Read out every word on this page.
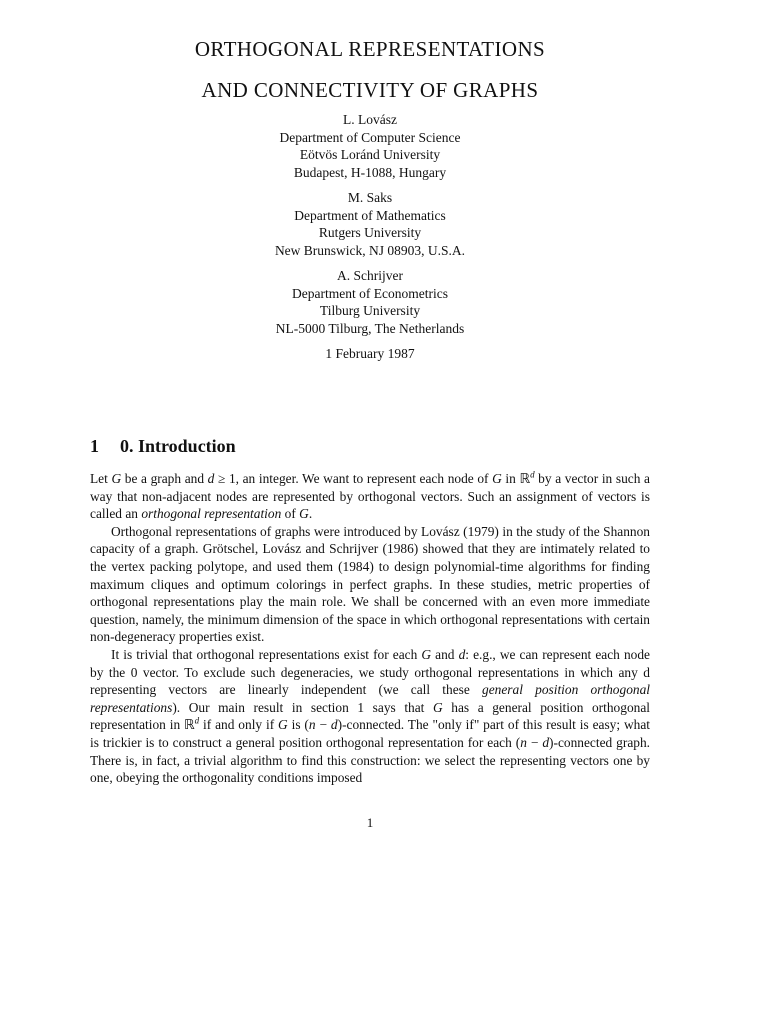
ORTHOGONAL REPRESENTATIONS
AND CONNECTIVITY OF GRAPHS
L. Lovász
Department of Computer Science
Eötvös Loránd University
Budapest, H-1088, Hungary
M. Saks
Department of Mathematics
Rutgers University
New Brunswick, NJ 08903, U.S.A.
A. Schrijver
Department of Econometrics
Tilburg University
NL-5000 Tilburg, The Netherlands
1 February 1987
1 0. Introduction

Let G be a graph and d ≥ 1, an integer. We want to represent each node of G in ℝ$^d$ by a vector in such a way that non-adjacent nodes are represented by orthogonal vectors. Such an assignment of vectors is called an orthogonal representation of G.

Orthogonal representations of graphs were introduced by Lovász (1979) in the study of the Shannon capacity of a graph. Grötschel, Lovász and Schrijver (1986) showed that they are intimately related to the vertex packing polytope, and used them (1984) to design polynomial-time algorithms for finding maximum cliques and optimum colorings in perfect graphs. In these studies, metric properties of orthogonal representations play the main role. We shall be concerned with an even more immediate question, namely, the minimum dimension of the space in which orthogonal representations with certain non-degeneracy properties exist.

It is trivial that orthogonal representations exist for each G and d: e.g., we can represent each node by the 0 vector. To exclude such degeneracies, we study orthogonal representations in which any d representing vectors are linearly independent (we call these general position orthogonal representations). Our main result in section 1 says that G has a general position orthogonal representation in ℝ$^d$ if and only if G is (n − d)-connected. The "only if" part of this result is easy; what is trickier is to construct a general position orthogonal representation for each (n − d)-connected graph. There is, in fact, a trivial algorithm to find this construction: we select the representing vectors one by one, obeying the orthogonality conditions imposed

1
